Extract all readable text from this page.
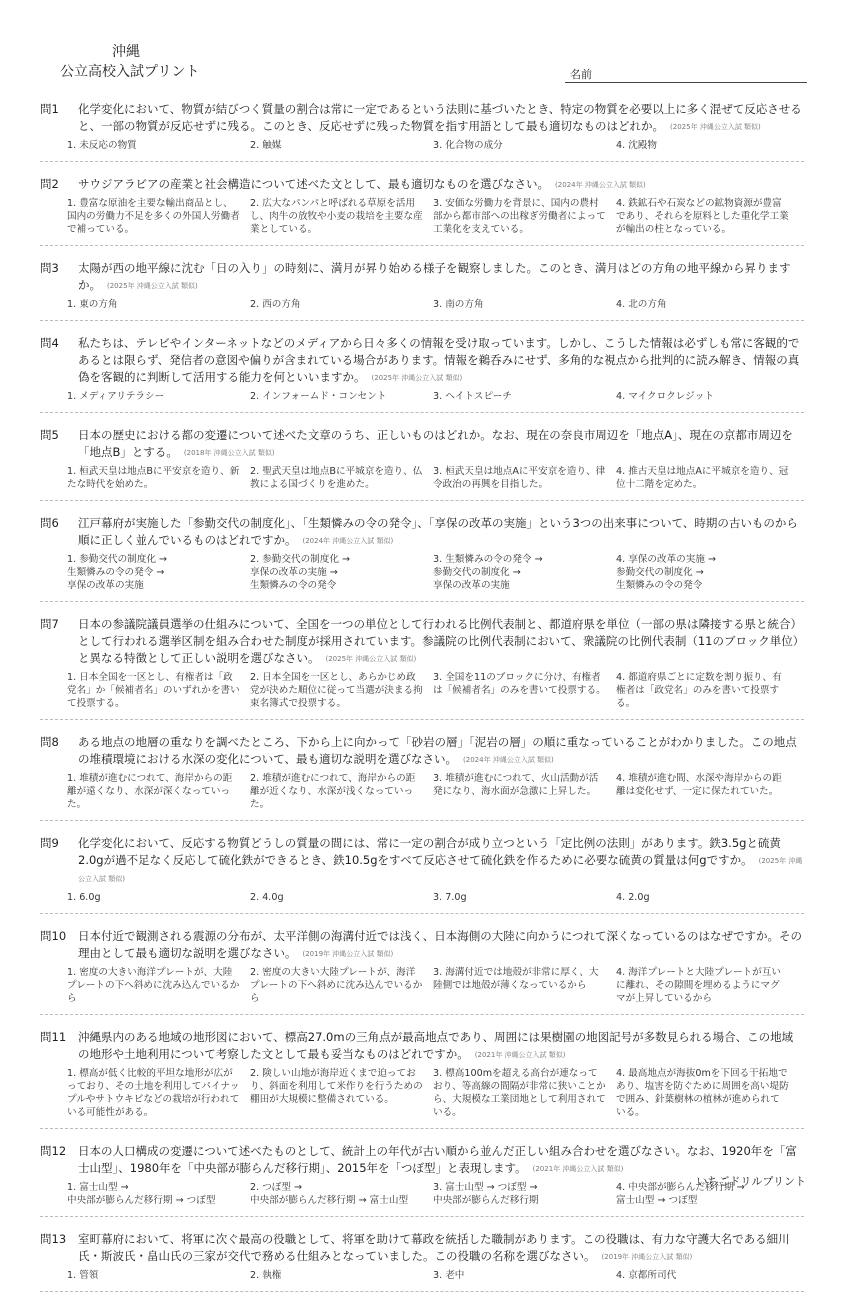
沖縄
公立高校入試プリント	名前
問1	化学変化において、物質が結びつく質量の割合は常に一定であるという法則に基づいたとき、特定の物質を必要以上に多く混ぜて反応させると、一部の物質が反応せずに残る。このとき、反応せずに残った物質を指す用語として最も適切なものはどれか。 (2025年 沖縄公立入試 類似)
1. 未反応の物質	2. 触媒	3. 化合物の成分	4. 沈殿物
問2	サウジアラビアの産業と社会構造について述べた文として、最も適切なものを選びなさい。 (2024年 沖縄公立入試 類似)
1. 豊富な原油を主要な輸出商品とし、国内の労働力不足を多くの外国人労働者で補っている。
2. 広大なパンパと呼ばれる草原を活用し、肉牛の放牧や小麦の栽培を主要な産業としている。
3. 安価な労働力を背景に、国内の農村部から都市部への出稼ぎ労働者によって工業化を支えている。
4. 鉄鉱石や石炭などの鉱物資源が豊富であり、それらを原料とした重化学工業が輸出の柱となっている。
問3	太陽が西の地平線に沈む「日の入り」の時刻に、満月が昇り始める様子を観察しました。このとき、満月はどの方角の地平線から昇りますか。 (2025年 沖縄公立入試 類似)
1. 東の方角	2. 西の方角	3. 南の方角	4. 北の方角
問4	私たちは、テレビやインターネットなどのメディアから日々多くの情報を受け取っています。しかし、こうした情報は必ずしも常に客観的であるとは限らず、発信者の意図や偏りが含まれている場合があります。情報を鵜呑みにせず、多角的な視点から批判的に読み解き、情報の真偽を客観的に判断して活用する能力を何といいますか。 (2025年 沖縄公立入試 類似)
1. メディアリテラシー	2. インフォームド・コンセント	3. ヘイトスピーチ	4. マイクロクレジット
問5	日本の歴史における都の変遷について述べた文章のうち、正しいものはどれか。なお、現在の奈良市周辺を「地点A」、現在の京都市周辺を「地点B」とする。 (2018年 沖縄公立入試 類似)
1. 桓武天皇は地点Bに平安京を造り、新たな時代を始めた。
2. 聖武天皇は地点Bに平城京を造り、仏教による国づくりを進めた。
3. 桓武天皇は地点Aに平安京を造り、律令政治の再興を目指した。
4. 推古天皇は地点Aに平城京を造り、冠位十二階を定めた。
問6	江戸幕府が実施した「参勤交代の制度化」、「生類憐みの令の発令」、「享保の改革の実施」という3つの出来事について、時期の古いものから順に正しく並んでいるものはどれですか。 (2024年 沖縄公立入試 類似)
1. 参勤交代の制度化 →
生類憐みの令の発令 →
享保の改革の実施
2. 参勤交代の制度化 →
享保の改革の実施 →
生類憐みの令の発令
3. 生類憐みの令の発令 →
参勤交代の制度化 →
享保の改革の実施
4. 享保の改革の実施 →
参勤交代の制度化 →
生類憐みの令の発令
問7	日本の参議院議員選挙の仕組みについて、全国を一つの単位として行われる比例代表制と、都道府県を単位（一部の県は隣接する県と統合）として行われる選挙区制を組み合わせた制度が採用されています。参議院の比例代表制において、衆議院の比例代表制（11のブロック単位）と異なる特徴として正しい説明を選びなさい。 (2025年 沖縄公立入試 類似)
1. 日本全国を一区とし、有権者は「政党名」か「候補者名」のいずれかを書いて投票する。
2. 日本全国を一区とし、あらかじめ政党が決めた順位に従って当選が決まる拘束名簿式で投票する。
3. 全国を11のブロックに分け、有権者は「候補者名」のみを書いて投票する。
4. 都道府県ごとに定数を割り振り、有権者は「政党名」のみを書いて投票する。
問8	ある地点の地層の重なりを調べたところ、下から上に向かって「砂岩の層」「泥岩の層」の順に重なっていることがわかりました。この地点の堆積環境における水深の変化について、最も適切な説明を選びなさい。 (2024年 沖縄公立入試 類似)
1. 堆積が進むにつれて、海岸からの距離が遠くなり、水深が深くなっていった。
2. 堆積が進むにつれて、海岸からの距離が近くなり、水深が浅くなっていった。
3. 堆積が進むにつれて、火山活動が活発になり、海水面が急激に上昇した。
4. 堆積が進む間、水深や海岸からの距離は変化せず、一定に保たれていた。
問9	化学変化において、反応する物質どうしの質量の間には、常に一定の割合が成り立つという「定比例の法則」があります。鉄3.5gと硫黄2.0gが過不足なく反応して硫化鉄ができるとき、鉄10.5gをすべて反応させて硫化鉄を作るために必要な硫黄の質量は何gですか。 (2025年 沖縄公立入試 類似)
1. 6.0g	2. 4.0g	3. 7.0g	4. 2.0g
問10	日本付近で観測される震源の分布が、太平洋側の海溝付近では浅く、日本海側の大陸に向かうにつれて深くなっているのはなぜですか。その理由として最も適切な説明を選びなさい。 (2019年 沖縄公立入試 類似)
1. 密度の大きい海洋プレートが、大陸プレートの下へ斜めに沈み込んでいるから
2. 密度の大きい大陸プレートが、海洋プレートの下へ斜めに沈み込んでいるから
3. 海溝付近では地殻が非常に厚く、大陸側では地殻が薄くなっているから
4. 海洋プレートと大陸プレートが互いに離れ、その隙間を埋めるようにマグマが上昇しているから
問11	沖縄県内のある地域の地形図において、標高27.0mの三角点が最高地点であり、周囲には果樹園の地図記号が多数見られる場合、この地域の地形や土地利用について考察した文として最も妥当なものはどれですか。 (2021年 沖縄公立入試 類似)
1. 標高が低く比較的平坦な地形が広がっており、その土地を利用してパイナップルやサトウキビなどの栽培が行われている可能性がある。
2. 険しい山地が海岸近くまで迫っており、斜面を利用して米作りを行うための棚田が大規模に整備されている。
3. 標高100mを超える高台が連なっており、等高線の間隔が非常に狭いことから、大規模な工業団地として利用されている。
4. 最高地点が海抜0mを下回る干拓地であり、塩害を防ぐために周囲を高い堤防で囲み、針葉樹林の植林が進められている。
問12	日本の人口構成の変遷について述べたものとして、統計上の年代が古い順から並んだ正しい組み合わせを選びなさい。なお、1920年を「富士山型」、1980年を「中央部が膨らんだ移行期」、2015年を「つぼ型」と表現します。 (2021年 沖縄公立入試 類似)
1. 富士山型 →
中央部が膨らんだ移行期 → つぼ型
2. つぼ型 →
中央部が膨らんだ移行期 → 富士山型
3. 富士山型 → つぼ型 →
中央部が膨らんだ移行期
4. 中央部が膨らんだ移行期 →
富士山型 → つぼ型
問13	室町幕府において、将軍に次ぐ最高の役職として、将軍を助けて幕政を統括した職制があります。この役職は、有力な守護大名である細川氏・斯波氏・畠山氏の三家が交代で務める仕組みとなっていました。この役職の名称を選びなさい。 (2019年 沖縄公立入試 類似)
1. 管領	2. 執権	3. 老中	4. 京都所司代
いちごドリルプリント
